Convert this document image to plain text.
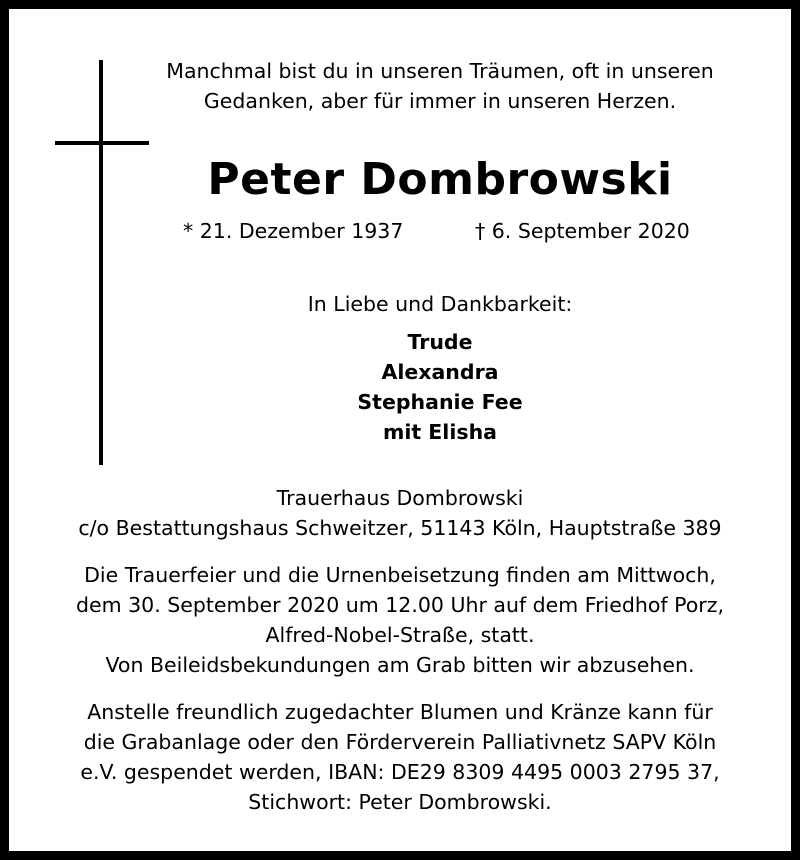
Manchmal bist du in unseren Träumen, oft in unseren
Gedanken, aber für immer in unseren Herzen.
Peter Dombrowski
* 21. Dezember 1937	† 6. September 2020
In Liebe und Dankbarkeit:
Trude
Alexandra
Stephanie Fee
mit Elisha
Trauerhaus Dombrowski
c/o Bestattungshaus Schweitzer, 51143 Köln, Hauptstraße 389
Die Trauerfeier und die Urnenbeisetzung finden am Mittwoch,
dem 30. September 2020 um 12.00 Uhr auf dem Friedhof Porz,
Alfred-Nobel-Straße, statt.
Von Beileidsbekundungen am Grab bitten wir abzusehen.
Anstelle freundlich zugedachter Blumen und Kränze kann für
die Grabanlage oder den Förderverein Palliativnetz SAPV Köln
e.V. gespendet werden, IBAN: DE29 8309 4495 0003 2795 37,
Stichwort: Peter Dombrowski.
